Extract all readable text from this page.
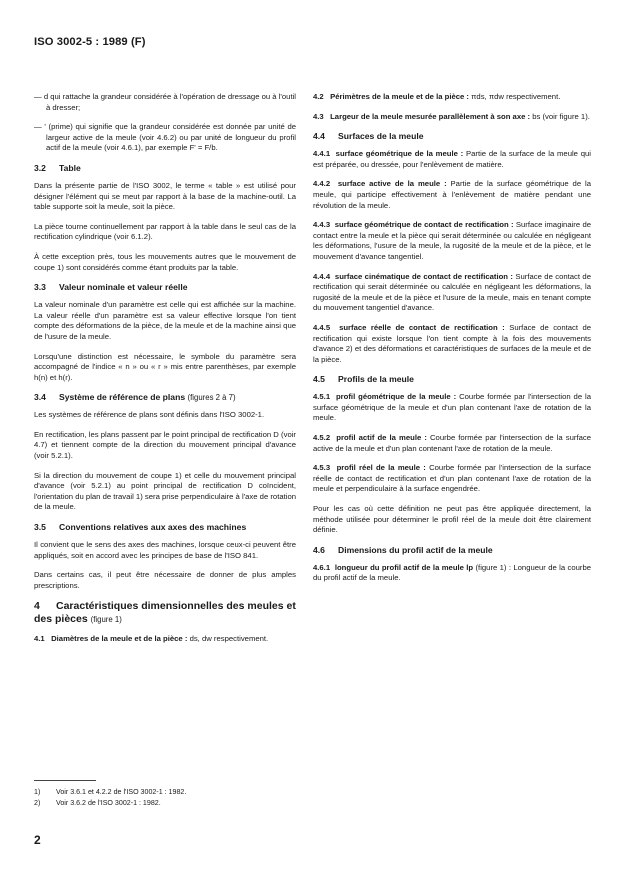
ISO 3002-5 : 1989 (F)

— d qui rattache la grandeur considérée à l'opération de dressage ou à l'outil à dresser;

— ' (prime) qui signifie que la grandeur considérée est donnée par unité de largeur active de la meule (voir 4.6.2) ou par unité de longueur du profil actif de la meule (voir 4.6.1), par exemple F' = F/b.

3.2 Table

Dans la présente partie de l'ISO 3002, le terme « table » est utilisé pour désigner l'élément qui se meut par rapport à la base de la machine-outil. La table supporte soit la meule, soit la pièce.

La pièce tourne continuellement par rapport à la table dans le seul cas de la rectification cylindrique (voir 6.1.2).

À cette exception près, tous les mouvements autres que le mouvement de coupe 1) sont considérés comme étant produits par la table.

3.3 Valeur nominale et valeur réelle

La valeur nominale d'un paramètre est celle qui est affichée sur la machine. La valeur réelle d'un paramètre est sa valeur effective lorsque l'on tient compte des déformations de la pièce, de la meule et de la machine ainsi que de l'usure de la meule.

Lorsqu'une distinction est nécessaire, le symbole du paramètre sera accompagné de l'indice « n » ou « r » mis entre parenthèses, par exemple h(n) et h(r).

3.4 Système de référence de plans (figures 2 à 7)

Les systèmes de référence de plans sont définis dans l'ISO 3002-1.

En rectification, les plans passent par le point principal de rectification D (voir 4.7) et tiennent compte de la direction du mouvement principal d'avance (voir 5.2.1).

Si la direction du mouvement de coupe 1) et celle du mouvement principal d'avance (voir 5.2.1) au point principal de rectification D coïncident, l'orientation du plan de travail 1) sera prise perpendiculaire à l'axe de rotation de la meule.

3.5 Conventions relatives aux axes des machines

Il convient que le sens des axes des machines, lorsque ceux-ci peuvent être appliqués, soit en accord avec les principes de base de l'ISO 841.

Dans certains cas, il peut être nécessaire de donner de plus amples prescriptions.

4 Caractéristiques dimensionnelles des meules et des pièces (figure 1)

4.1 Diamètres de la meule et de la pièce : ds, dw respectivement.

4.2 Périmètres de la meule et de la pièce : πds, πdw respectivement.

4.3 Largeur de la meule mesurée parallèlement à son axe : bs (voir figure 1).

4.4 Surfaces de la meule

4.4.1 surface géométrique de la meule : Partie de la surface de la meule qui est préparée, ou dressée, pour l'enlèvement de matière.

4.4.2 surface active de la meule : Partie de la surface géométrique de la meule, qui participe effectivement à l'enlèvement de matière pendant une révolution de la meule.

4.4.3 surface géométrique de contact de rectification : Surface imaginaire de contact entre la meule et la pièce qui serait déterminée ou calculée en négligeant les déformations, l'usure de la meule, la rugosité de la meule et de la pièce, et le mouvement d'avance tangentiel.

4.4.4 surface cinématique de contact de rectification : Surface de contact de rectification qui serait déterminée ou calculée en négligeant les déformations, la rugosité de la meule et de la pièce et l'usure de la meule, mais en tenant compte du mouvement tangentiel d'avance.

4.4.5 surface réelle de contact de rectification : Surface de contact de rectification qui existe lorsque l'on tient compte à la fois des mouvements d'avance 2) et des déformations et caractéristiques de surfaces de la meule et de la pièce.

4.5 Profils de la meule

4.5.1 profil géométrique de la meule : Courbe formée par l'intersection de la surface géométrique de la meule et d'un plan contenant l'axe de rotation de la meule.

4.5.2 profil actif de la meule : Courbe formée par l'intersection de la surface active de la meule et d'un plan contenant l'axe de rotation de la meule.

4.5.3 profil réel de la meule : Courbe formée par l'intersection de la surface réelle de contact de rectification et d'un plan contenant l'axe de rotation de la meule et perpendiculaire à la surface engendrée.

Pour les cas où cette définition ne peut pas être appliquée directement, la méthode utilisée pour déterminer le profil réel de la meule doit être clairement définie.

4.6 Dimensions du profil actif de la meule

4.6.1 longueur du profil actif de la meule lp (figure 1) : Longueur de la courbe du profil actif de la meule.

1) Voir 3.6.1 et 4.2.2 de l'ISO 3002-1 : 1982.
2) Voir 3.6.2 de l'ISO 3002-1 : 1982.
2
